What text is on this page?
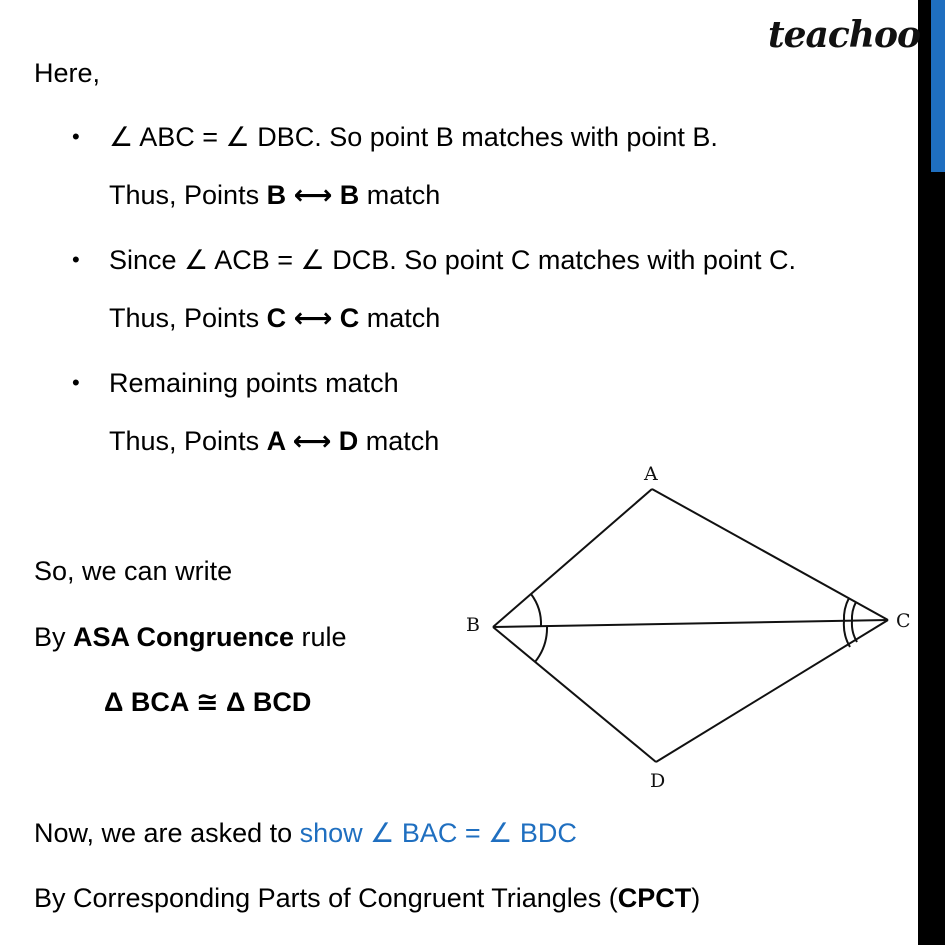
teachoo
Here,
• ∠ ABC = ∠ DBC. So point B matches with point B.
Thus, Points B ⟷ B match
• Since ∠ ACB = ∠ DCB. So point C matches with point C.
Thus, Points C ⟷ C match
• Remaining points match
Thus, Points A ⟷ D match
So, we can write
By ASA Congruence rule
Δ BCA ≅ Δ BCD
Now, we are asked to show ∠ BAC = ∠ BDC
By Corresponding Parts of Congruent Triangles (CPCT)
A
B	C
D
